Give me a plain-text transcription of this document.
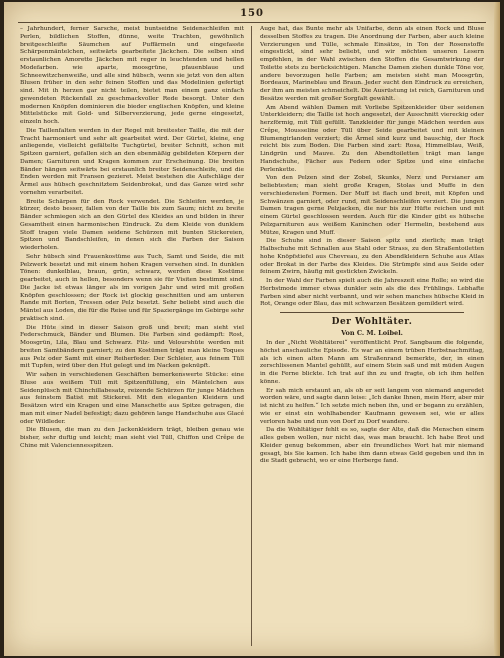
150

– Jahrhundert, ferner Sarsche, meist buntseidne Seidenschleifen mit Perlen, bildlichen Stoffen, dünne, weite Trachten, gewöhnlich breitgeschleifte Säumchen auf Puffärmeln und eingefasste Schärpenmäntelchen, seitwärts gearbeitete Jäckchen. Die selben sind erstaunlichen Amorette Jäckchen mit reger in leuchtenden und hellen Modefarben. wie aparte, moosgrüne, pfauenblaue und Schneewitzchenweiße, und alle sind hübsch, wenn sie jetzt von den alten Blusen früher in den sehr feinen Stoffen und das Modelinien gefertigt sind. Mit ih herzen gar nicht teilen, bietet man einem ganz einfach gewendeten Rückenfall zu geschmackvoller Rede besorgt. Unter den modernen Knöpfen dominieren die bieder englischen Knöpfen, und kleine Mittelstücke mit Gold- und Silberverzierung, jede gerne eingesetzt, einzeln hoch.

Die Taillenfalten werden in der Regel mit breitester Taille, die mit der Tracht harmoniert und sehr alt gearbeitet wird. Der Gürtel, kleine, eng anliegende, vielleicht gefältelte Tuchgürtel, breiter Schnitt, schon mit Spitzen garniert, gefallen sich an den ebenmäßig gebildeten Körpern der Damen; Garnituren und Kragen kommen zur Erscheinung. Die breiten Bänder hängen seitwärts bei erstaunlich breiter Seidenschleife, und die Enden werden mit Fransen gezieret. Meist bestehen die Aufschläge der Ärmel aus hübsch geschnitztem Seidenbrokat, und das Ganze wird sehr vornehm verarbeitet.

Breite Schärpen für den Rock verwendet. Die Schleifen werden, je kürzer, desto besser, fallen von der Taille bis zum Saum; nicht zu breite Bänder schmiegen sich an den Gürtel des Kleides an und bilden in ihrer Gesamtheit einen harmonischen Eindruck. Zu dem Kleide von dunklem Stoff tragen viele Damen seidene Schürzen mit bunten Stickereien, Spitzen und Bandschleifen, in denen sich die Farben der Saison wiederholen.

Sehr hübsch sind Frauenkostüme aus Tuch, Samt und Seide, die mit Pelzwerk besetzt und mit einem hohen Kragen versehen sind. In dunklen Tönen: dunkelblau, braun, grün, schwarz, werden diese Kostüme gearbeitet, auch in hellen, besonders wenn sie für Visiten bestimmt sind. Die Jacke ist etwas länger als im vorigen Jahr und wird mit großen Knöpfen geschlossen; der Rock ist glockig geschnitten und am unteren Rande mit Borten, Tressen oder Pelz besetzt. Sehr beliebt sind auch die Mäntel aus Loden, die für die Reise und für Spaziergänge im Gebirge sehr praktisch sind.

Die Hüte sind in dieser Saison groß und breit; man sieht viel Federschmuck, Bänder und Blumen. Die Farben sind gedämpft: Rost, Moosgrün, Lila, Blau und Schwarz. Filz- und Velourshüte werden mit breiten Samtbändern garniert; zu den Kostümen trägt man kleine Toques aus Pelz oder Samt mit einer Reiherfeder. Der Schleier, aus feinem Tüll mit Tupfen, wird über den Hut gelegt und im Nacken geknüpft.

Wir sahen in verschiedenen Geschäften bemerkenswerte Stücke: eine Bluse aus weißem Tüll mit Spitzenfüllung, ein Mäntelchen aus Seidenplüsch mit Chinchillabesatz, reizende Schürzen für junge Mädchen aus feinstem Batist mit Stickerei. Mit den eleganten Kleidern und Besätzen wird ein Kragen und eine Manschette aus Spitze getragen, die man mit einer Nadel befestigt; dazu gehören lange Handschuhe aus Glacé oder Wildleder.

Die Blusen, die man zu den Jackenkleidern trägt, bleiben genau wie bisher, sehr duftig und leicht; man sieht viel Tüll, Chiffon und Crêpe de Chine mit Valenciennesspitzen.

Auge hat, das Bunte mehr als Unifarbe, denn als einen Rock und Bluse desselben Stoffes zu tragen. Die Anordnung der Farben, aber auch kleine Verzierungen und Tülle, schmale Einsätze, in Ton der Rosenstoffe eingestickt, sind sehr beliebt, und wir möchten unseren Lesern empfehlen, in der Wahl zwischen den Stoffen die Gesamtwirkung der Toilette stets zu berücksichtigen. Manche Damen ziehen dunkle Töne vor, andere bevorzugen helle Farben; am meisten sieht man Moosgrün, Bordeaux, Marineblau und Braun. Jeder sucht den Eindruck zu erreichen, der ihm am meisten schmeichelt. Die Ausrüstung ist reich, Garnituren und Besätze werden mit großer Sorgfalt gewählt.

Am Abend wählen Damen mit Vorliebe Spitzenkleider über seidenen Unterkleidern; die Taille ist hoch angesetzt, der Ausschnitt viereckig oder herzförmig, mit Tüll gefüllt. Tanzkleider für junge Mädchen werden aus Crêpe, Mousseline oder Tüll über Seide gearbeitet und mit kleinen Blumengirlanden verziert; die Ärmel sind kurz und bauschig, der Rock reicht bis zum Boden. Die Farben sind zart: Rosa, Himmelblau, Weiß, Lindgrün und Mauve. Zu den Abendtoiletten trägt man lange Handschuhe, Fächer aus Federn oder Spitze und eine einfache Perlenkette.

Von den Pelzen sind der Zobel, Skunks, Nerz und Persianer am beliebtesten; man sieht große Kragen, Stolas und Muffe in den verschiedensten Formen. Der Muff ist flach und breit, mit Köpfen und Schwänzen garniert, oder rund, mit Seidenschleifen verziert. Die jungen Damen tragen gerne Pelzjacken, die nur bis zur Hüfte reichen und mit einem Gürtel geschlossen werden. Auch für die Kinder gibt es hübsche Pelzgarnituren aus weißem Kaninchen oder Hermelin, bestehend aus Mütze, Kragen und Muff.

Die Schuhe sind in dieser Saison spitz und zierlich; man trägt Halbschuhe mit Schnallen aus Stahl oder Strass, zu den Straßentoiletten hohe Knöpfstiefel aus Chevreau, zu den Abendkleidern Schuhe aus Atlas oder Brokat in der Farbe des Kleides. Die Strümpfe sind aus Seide oder feinem Zwirn, häufig mit gestickten Zwickeln.

In der Wahl der Farben spielt auch die Jahreszeit eine Rolle; so wird die Herbstmode immer etwas dunkler sein als die des Frühlings. Lebhafte Farben sind aber nicht verbannt, und wir sehen manches hübsche Kleid in Rot, Orange oder Blau, das mit schwarzen Besätzen gemildert wird.

Der Wohltäter.
Von C. M. Loibel.

In der „Nicht Wohltäterei“ veröffentlicht Prof. Sangbaum die folgende, höchst anschauliche Episode. Es war an einem trüben Herbstnachmittag, als ich einen alten Mann am Straßenrand bemerkte, der, in einen zerschlissenen Mantel gehüllt, auf einem Stein saß und mit müden Augen in die Ferne blickte. Ich trat auf ihn zu und fragte, ob ich ihm helfen könne.

Er sah mich erstaunt an, als ob er seit langem von niemand angeredet worden wäre, und sagte dann leise: „Ich danke Ihnen, mein Herr, aber mir ist nicht zu helfen.“ Ich setzte mich neben ihn, und er begann zu erzählen, wie er einst ein wohlhabender Kaufmann gewesen sei, wie er alles verloren habe und nun von Dorf zu Dorf wandere.

Da die Wohltätiger fehlt es so, sagte der Alte, daß die Menschen einem alles geben wollen, nur nicht das, was man braucht. Ich habe Brot und Kleider genug bekommen, aber ein freundliches Wort hat mir niemand gesagt, bis Sie kamen. Ich habe ihm dann etwas Geld gegeben und ihn in die Stadt gebracht, wo er eine Herberge fand.
